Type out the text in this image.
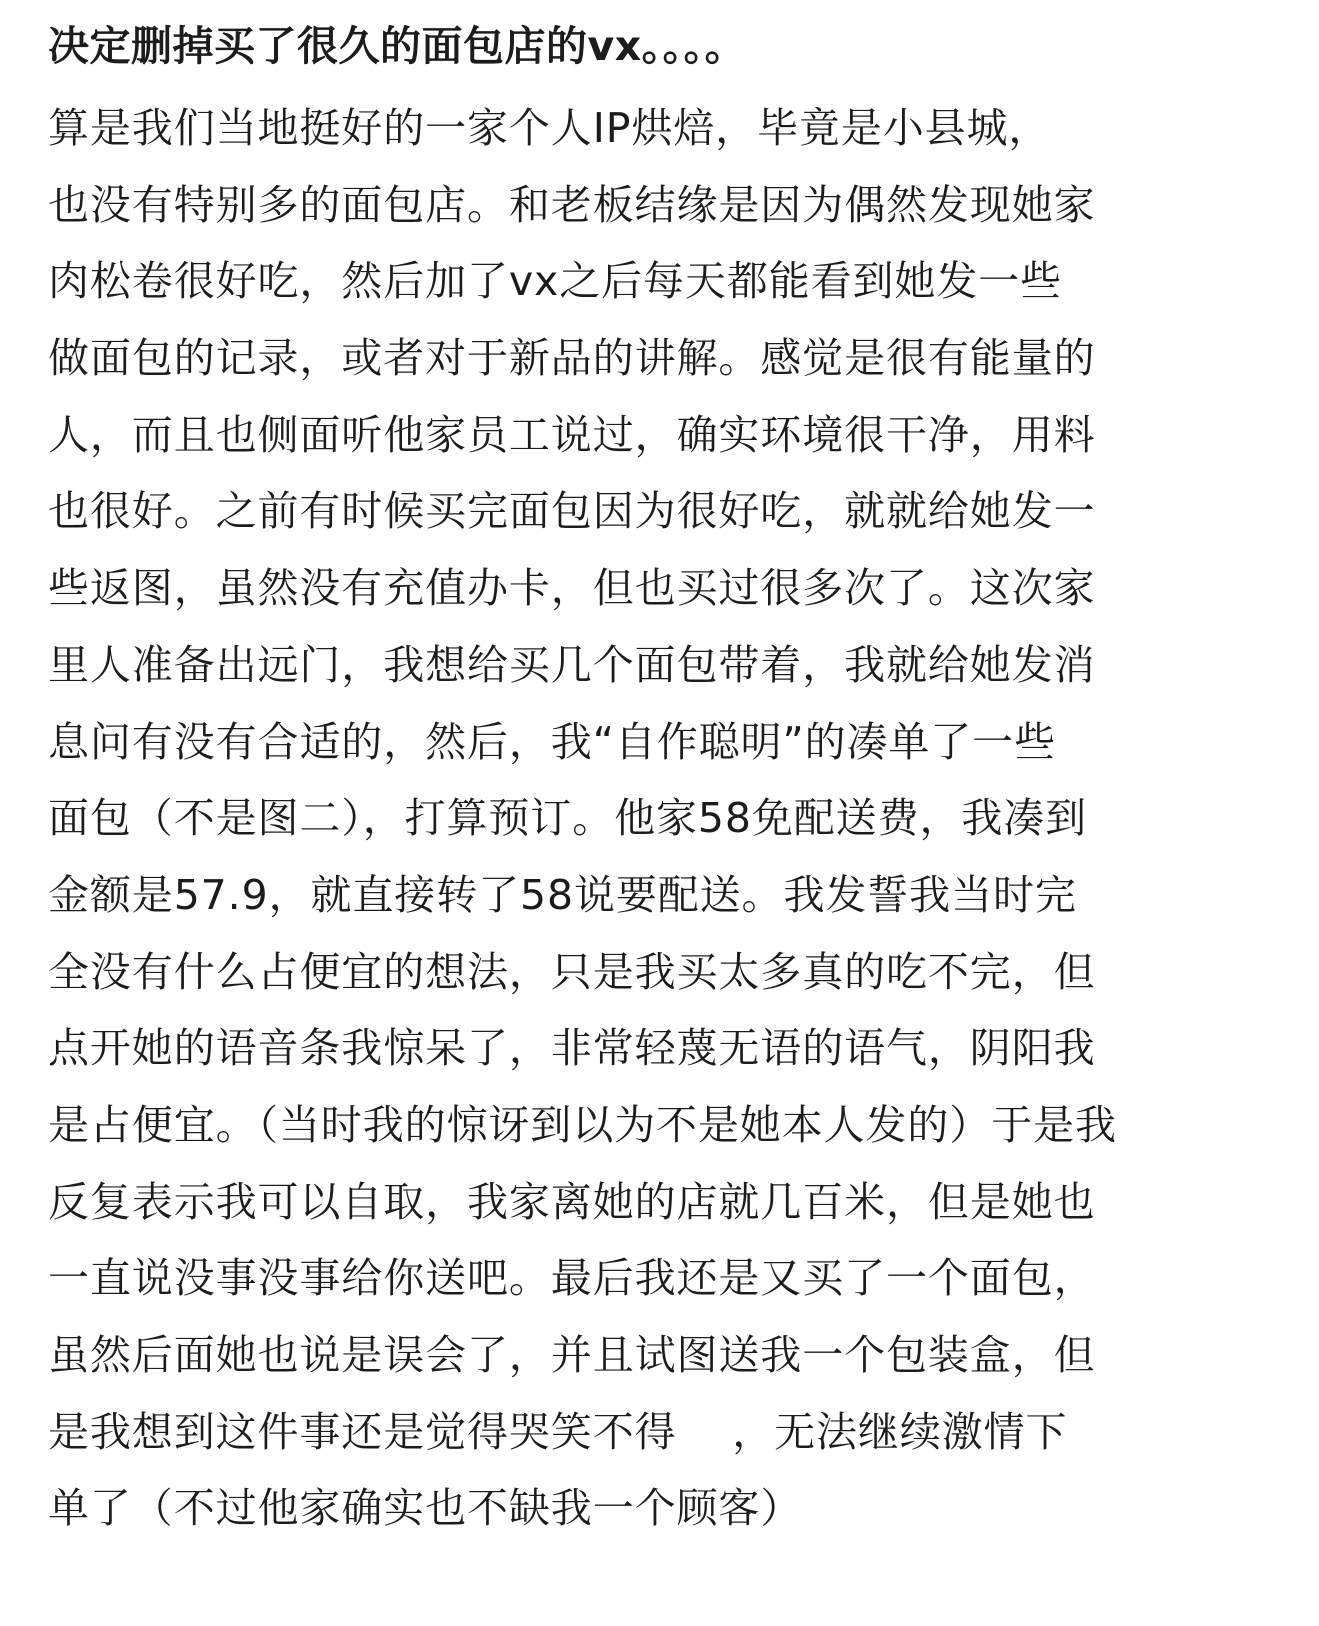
决定删掉买了很久的面包店的vx。。。。
算是我们当地挺好的一家个人IP烘焙，毕竟是小县城，
也没有特别多的面包店。和老板结缘是因为偶然发现她家
肉松卷很好吃，然后加了vx之后每天都能看到她发一些
做面包的记录，或者对于新品的讲解。感觉是很有能量的
人，而且也侧面听他家员工说过，确实环境很干净，用料
也很好。之前有时候买完面包因为很好吃，就就给她发一
些返图，虽然没有充值办卡，但也买过很多次了。这次家
里人准备出远门，我想给买几个面包带着，我就给她发消
息问有没有合适的，然后，我“自作聪明”的凑单了一些
面包（不是图二），打算预订。他家58免配送费，我凑到
金额是57.9，就直接转了58说要配送。我发誓我当时完
全没有什么占便宜的想法，只是我买太多真的吃不完，但
点开她的语音条我惊呆了，非常轻蔑无语的语气，阴阳我
是占便宜。（当时我的惊讶到以为不是她本人发的）于是我
反复表示我可以自取，我家离她的店就几百米，但是她也
一直说没事没事给你送吧。最后我还是又买了一个面包，
虽然后面她也说是误会了，并且试图送我一个包装盒，但
是我想到这件事还是觉得哭笑不得    ，无法继续激情下
单了（不过他家确实也不缺我一个顾客）
